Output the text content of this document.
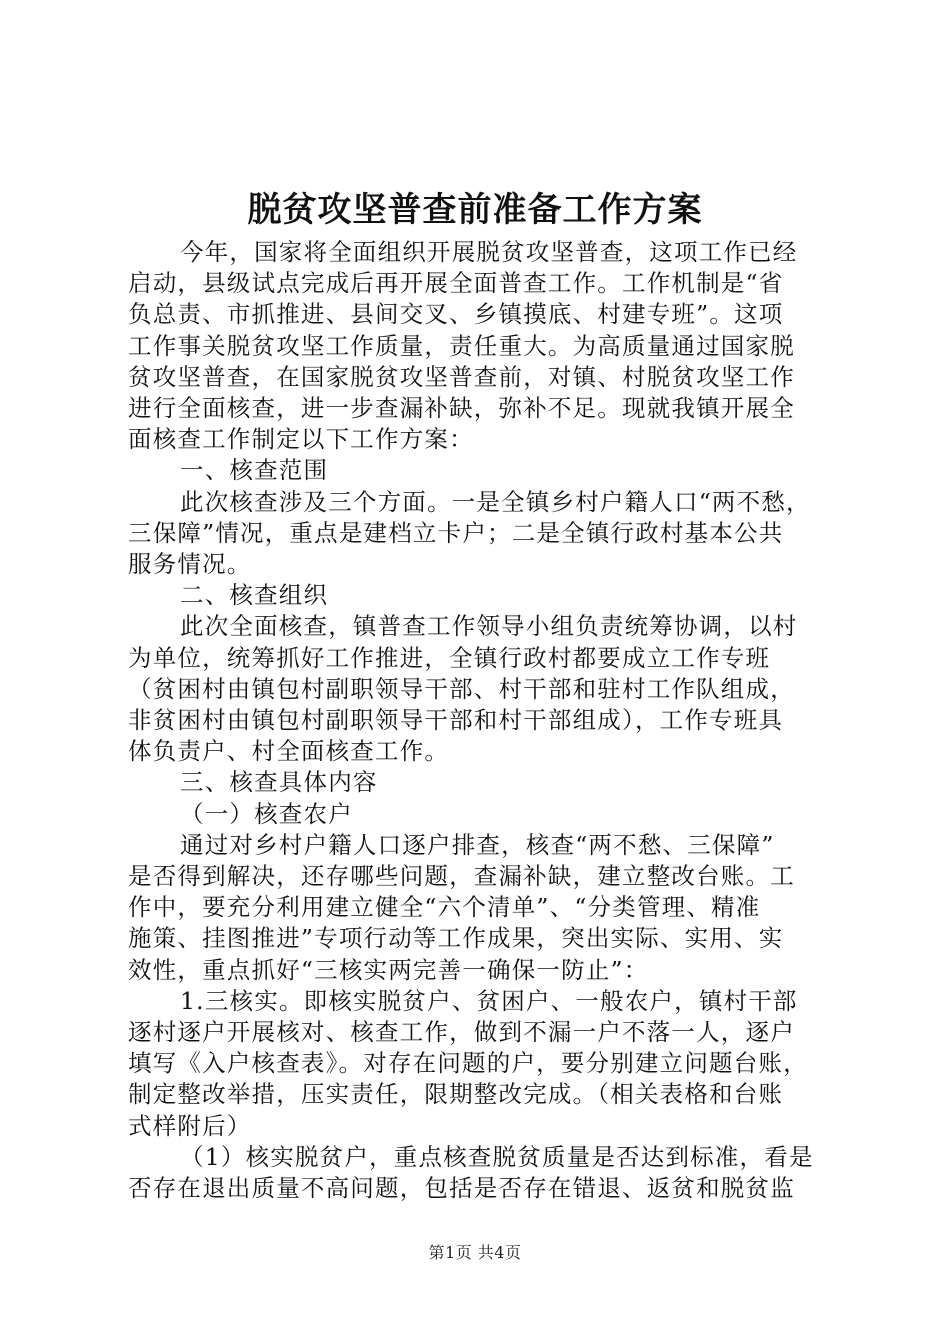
脱贫攻坚普查前准备工作方案
今年，国家将全面组织开展脱贫攻坚普查，这项工作已经
启动，县级试点完成后再开展全面普查工作。工作机制是“省
负总责、市抓推进、县间交叉、乡镇摸底、村建专班”。这项
工作事关脱贫攻坚工作质量，责任重大。为高质量通过国家脱
贫攻坚普查，在国家脱贫攻坚普查前，对镇、村脱贫攻坚工作
进行全面核查，进一步查漏补缺，弥补不足。现就我镇开展全
面核查工作制定以下工作方案：
一、核查范围
此次核查涉及三个方面。一是全镇乡村户籍人口“两不愁，
三保障”情况，重点是建档立卡户；二是全镇行政村基本公共
服务情况。
二、核查组织
此次全面核查，镇普查工作领导小组负责统筹协调，以村
为单位，统筹抓好工作推进，全镇行政村都要成立工作专班
（贫困村由镇包村副职领导干部、村干部和驻村工作队组成，
非贫困村由镇包村副职领导干部和村干部组成），工作专班具
体负责户、村全面核查工作。
三、核查具体内容
（一）核查农户
通过对乡村户籍人口逐户排查，核查“两不愁、三保障”
是否得到解决，还存哪些问题，查漏补缺，建立整改台账。工
作中，要充分利用建立健全“六个清单”、“分类管理、精准
施策、挂图推进”专项行动等工作成果，突出实际、实用、实
效性，重点抓好“三核实两完善一确保一防止”：
1.三核实。即核实脱贫户、贫困户、一般农户，镇村干部
逐村逐户开展核对、核查工作，做到不漏一户不落一人，逐户
填写《入户核查表》。对存在问题的户，要分别建立问题台账，
制定整改举措，压实责任，限期整改完成。（相关表格和台账
式样附后）
（1）核实脱贫户，重点核查脱贫质量是否达到标准，看是
否存在退出质量不高问题，包括是否存在错退、返贫和脱贫监
第1页 共4页
